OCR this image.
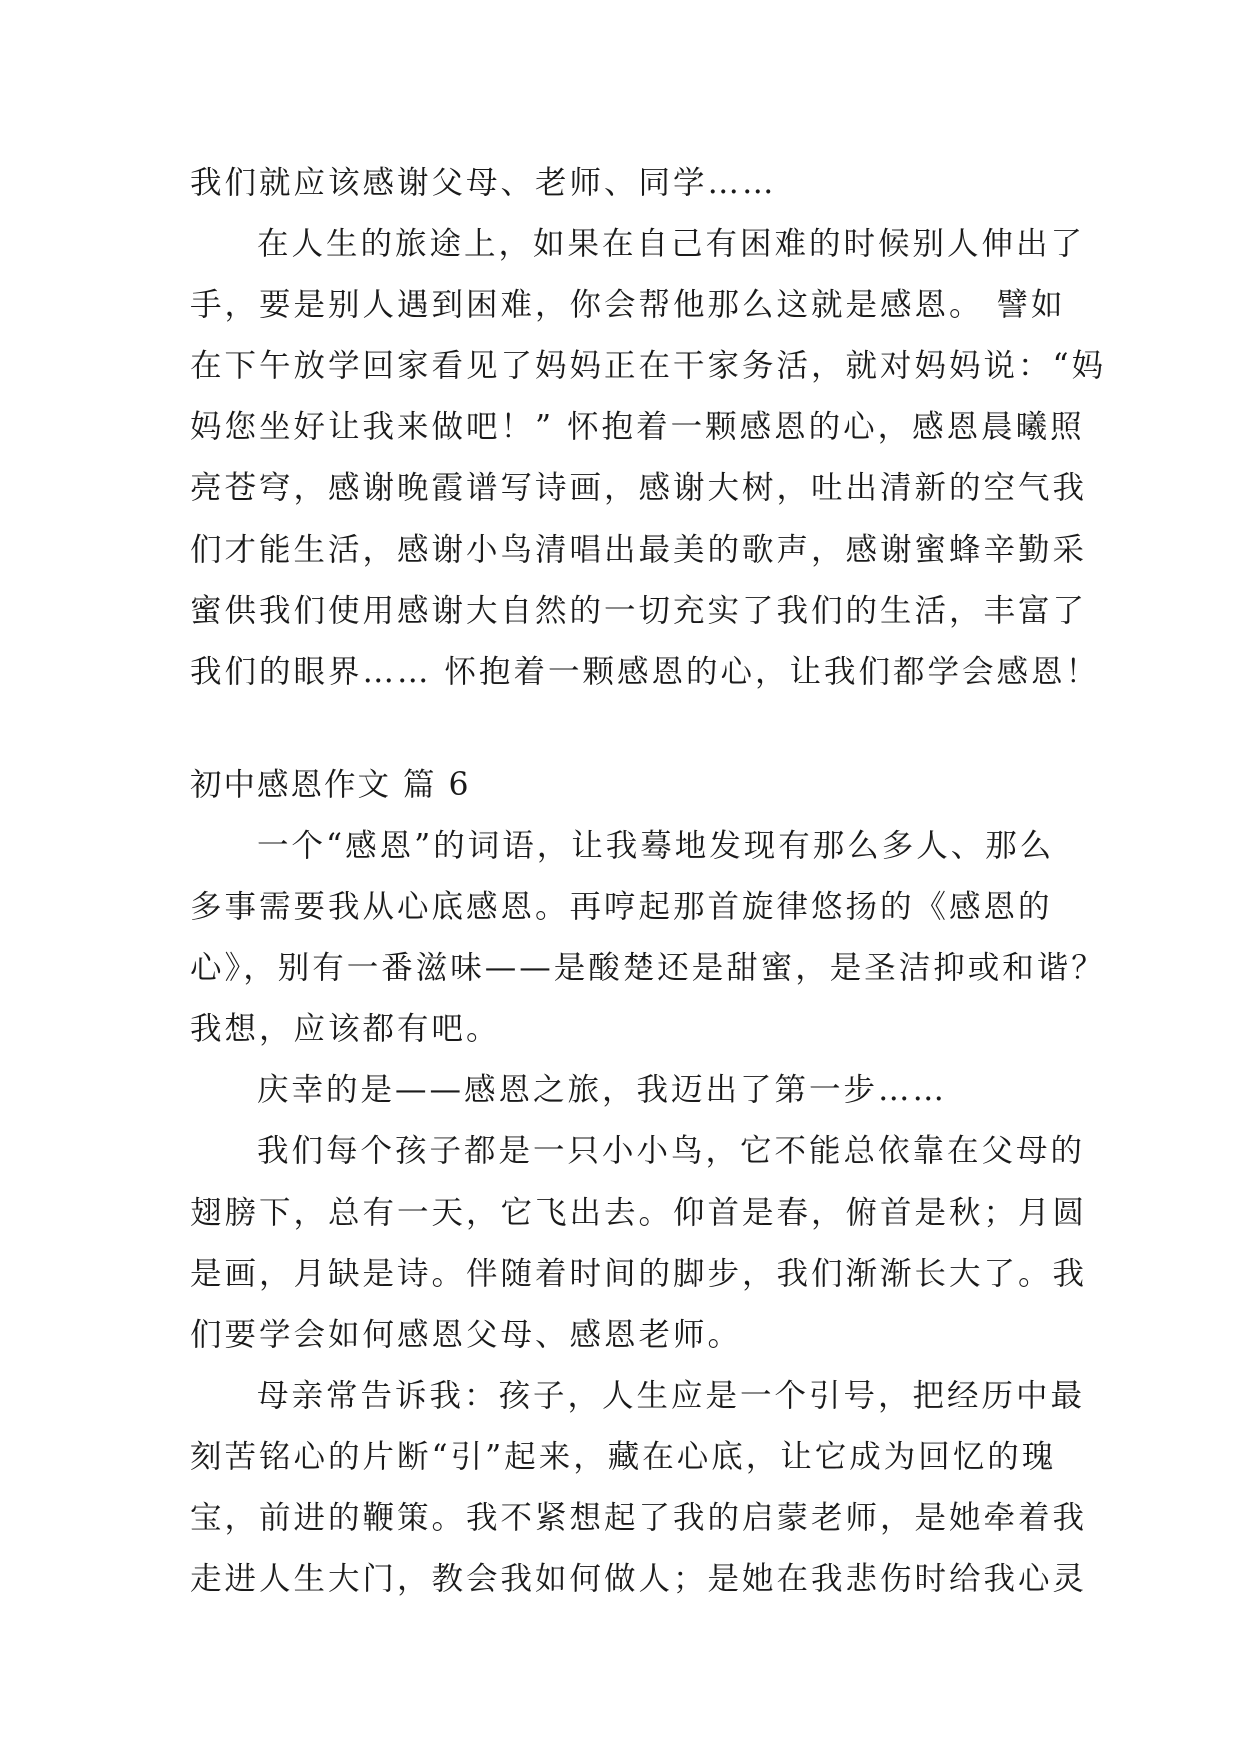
我们就应该感谢父母、老师、同学……
在人生的旅途上，如果在自己有困难的时候别人伸出了
手，要是别人遇到困难，你会帮他那么这就是感恩。 譬如
在下午放学回家看见了妈妈正在干家务活，就对妈妈说：“妈
妈您坐好让我来做吧！” 怀抱着一颗感恩的心，感恩晨曦照
亮苍穹，感谢晚霞谱写诗画，感谢大树，吐出清新的空气我
们才能生活，感谢小鸟清唱出最美的歌声，感谢蜜蜂辛勤采
蜜供我们使用感谢大自然的一切充实了我们的生活，丰富了
我们的眼界…… 怀抱着一颗感恩的心，让我们都学会感恩！
初中感恩作文 篇 6
一个“感恩”的词语，让我蓦地发现有那么多人、那么
多事需要我从心底感恩。再哼起那首旋律悠扬的《感恩的
心》，别有一番滋味——是酸楚还是甜蜜，是圣洁抑或和谐？
我想，应该都有吧。
庆幸的是——感恩之旅，我迈出了第一步……
我们每个孩子都是一只小小鸟，它不能总依靠在父母的
翅膀下，总有一天，它飞出去。仰首是春，俯首是秋；月圆
是画，月缺是诗。伴随着时间的脚步，我们渐渐长大了。我
们要学会如何感恩父母、感恩老师。
母亲常告诉我：孩子，人生应是一个引号，把经历中最
刻苦铭心的片断“引”起来，藏在心底，让它成为回忆的瑰
宝，前进的鞭策。我不紧想起了我的启蒙老师，是她牵着我
走进人生大门，教会我如何做人；是她在我悲伤时给我心灵
